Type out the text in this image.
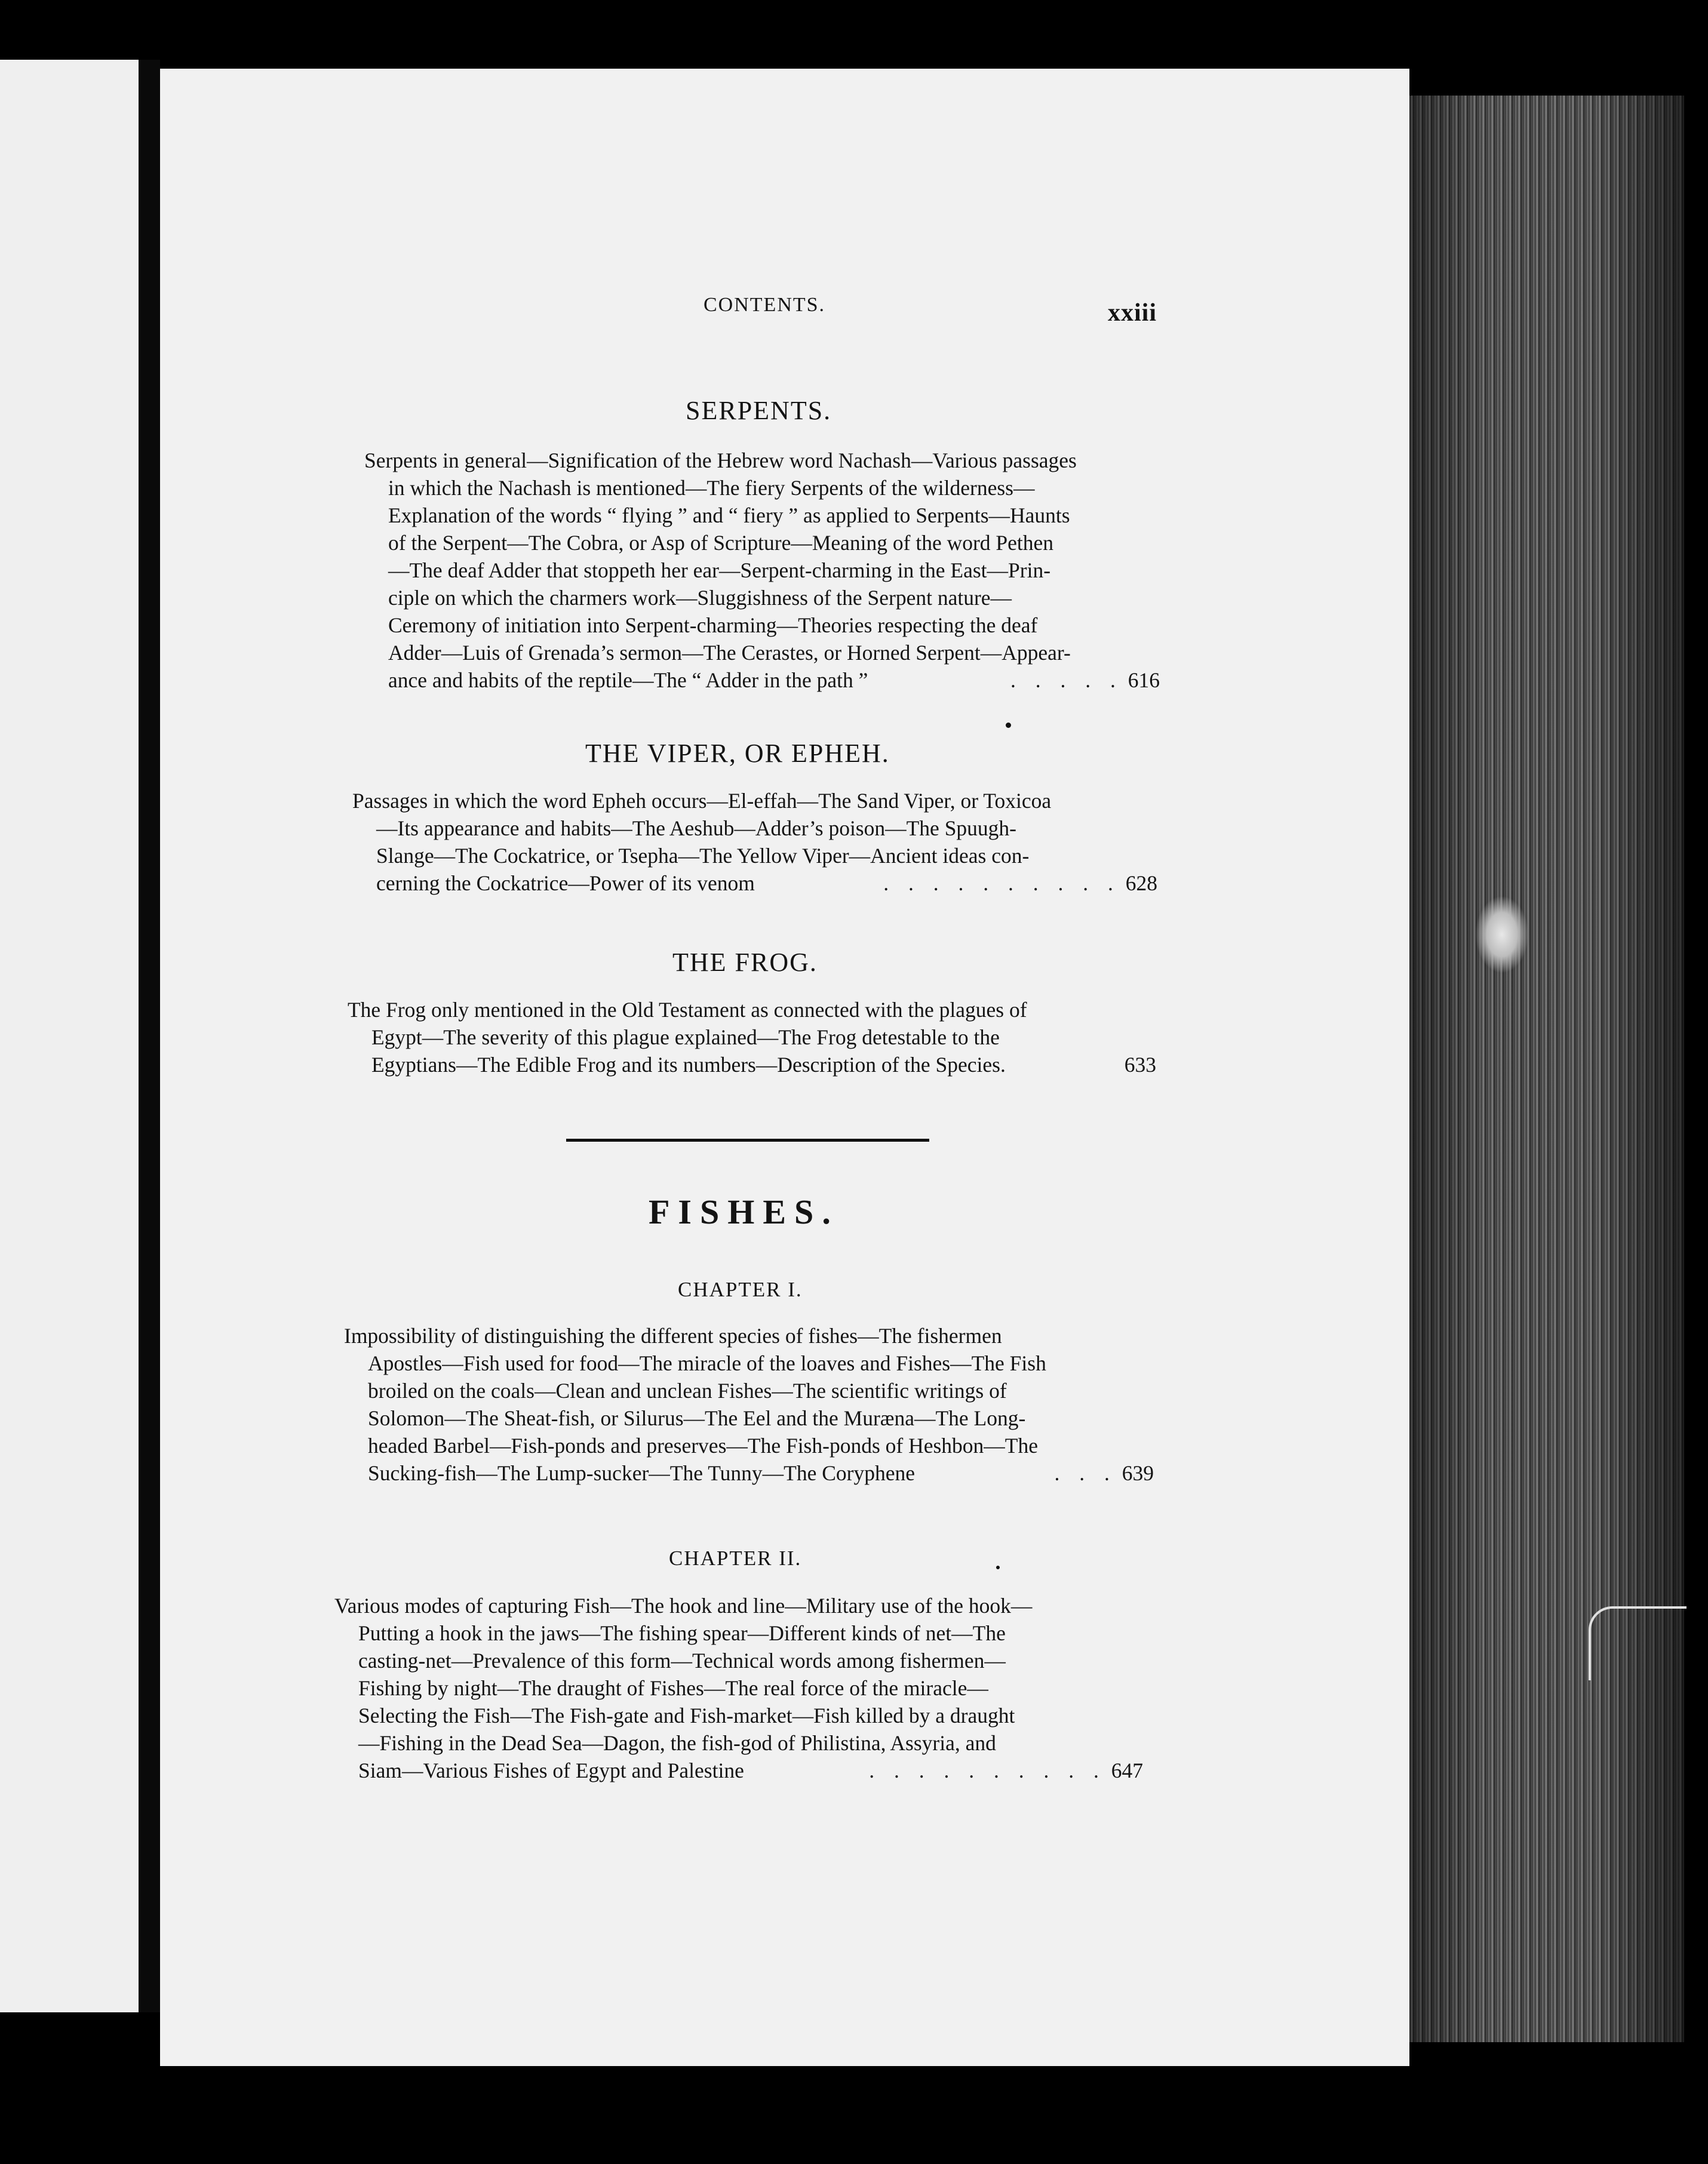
CONTENTS.	xxiii
SERPENTS.
Serpents in general—Signification of the Hebrew word Nachash—Various passages
in which the Nachash is mentioned—The fiery Serpents of the wilderness—
Explanation of the words “ flying ” and “ fiery ” as applied to Serpents—Haunts
of the Serpent—The Cobra, or Asp of Scripture—Meaning of the word Pethen
—The deaf Adder that stoppeth her ear—Serpent-charming in the East—Prin-
ciple on which the charmers work—Sluggishness of the Serpent nature—
Ceremony of initiation into Serpent-charming—Theories respecting the deaf
Adder—Luis of Grenada’s sermon—The Cerastes, or Horned Serpent—Appear-
ance and habits of the reptile—The “ Adder in the path ”	. . . . . 616
THE VIPER, OR EPHEH.
Passages in which the word Epheh occurs—El-effah—The Sand Viper, or Toxicoa
—Its appearance and habits—The Aeshub—Adder’s poison—The Spuugh-
Slange—The Cockatrice, or Tsepha—The Yellow Viper—Ancient ideas con-
cerning the Cockatrice—Power of its venom	. . . . . . . . . . 628
THE FROG.
The Frog only mentioned in the Old Testament as connected with the plagues of
Egypt—The severity of this plague explained—The Frog detestable to the
Egyptians—The Edible Frog and its numbers—Description of the Species.	633
FISHES.
CHAPTER I.
Impossibility of distinguishing the different species of fishes—The fishermen
Apostles—Fish used for food—The miracle of the loaves and Fishes—The Fish
broiled on the coals—Clean and unclean Fishes—The scientific writings of
Solomon—The Sheat-fish, or Silurus—The Eel and the Muræna—The Long-
headed Barbel—Fish-ponds and preserves—The Fish-ponds of Heshbon—The
Sucking-fish—The Lump-sucker—The Tunny—The Coryphene	. . . 639
CHAPTER II.
Various modes of capturing Fish—The hook and line—Military use of the hook—
Putting a hook in the jaws—The fishing spear—Different kinds of net—The
casting-net—Prevalence of this form—Technical words among fishermen—
Fishing by night—The draught of Fishes—The real force of the miracle—
Selecting the Fish—The Fish-gate and Fish-market—Fish killed by a draught
—Fishing in the Dead Sea—Dagon, the fish-god of Philistina, Assyria, and
Siam—Various Fishes of Egypt and Palestine	. . . . . . . . . . 647
